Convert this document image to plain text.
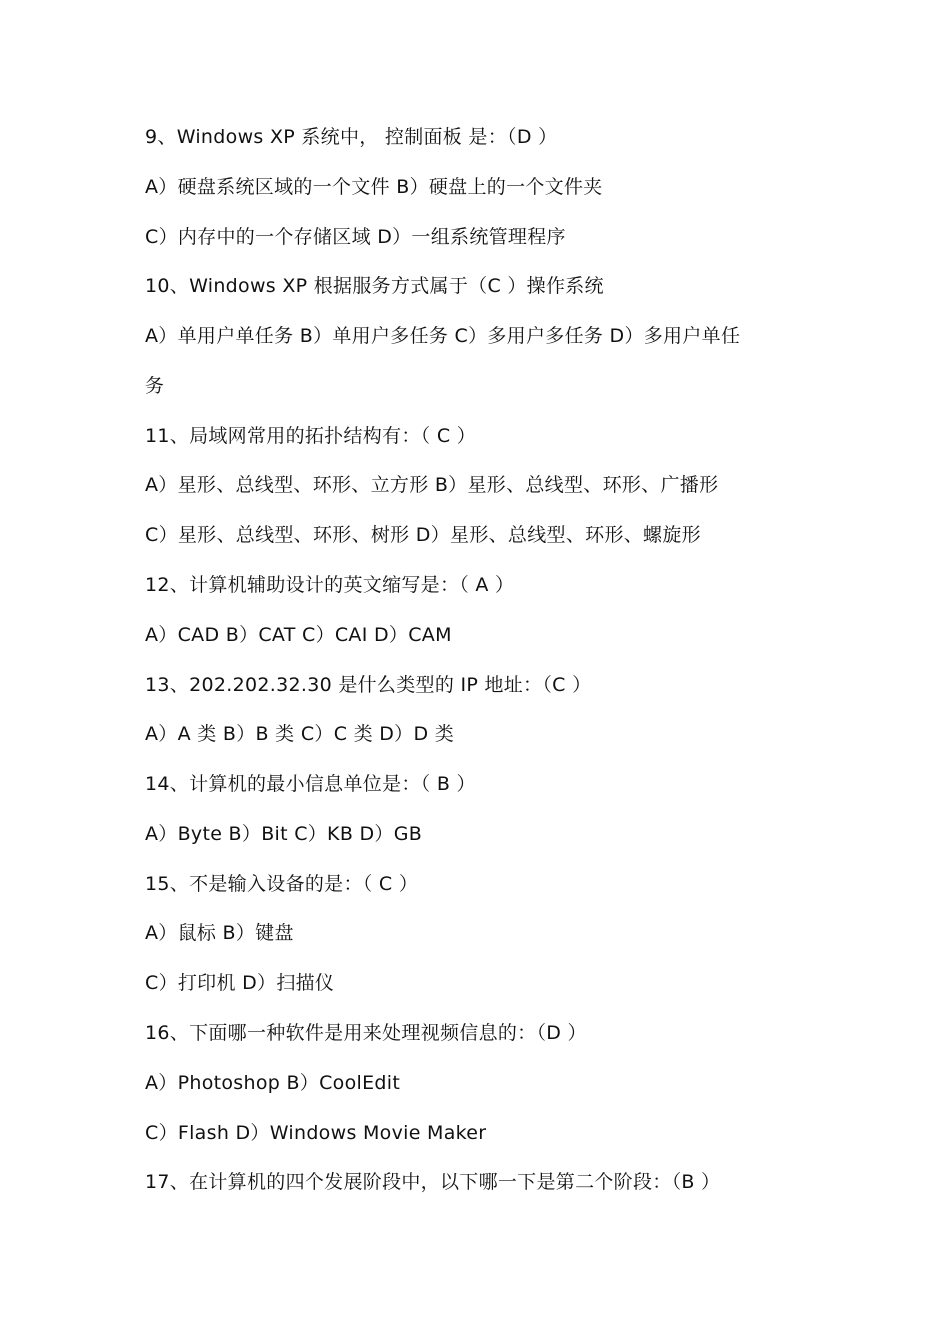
9、Windows XP 系统中， 控制面板 是：（D ）
A）硬盘系统区域的一个文件 B）硬盘上的一个文件夹
C）内存中的一个存储区域 D）一组系统管理程序
10、Windows XP 根据服务方式属于（C ）操作系统
A）单用户单任务 B）单用户多任务 C）多用户多任务 D）多用户单任
务
11、局域网常用的拓扑结构有：（ C ）
A）星形、总线型、环形、立方形 B）星形、总线型、环形、广播形
C）星形、总线型、环形、树形 D）星形、总线型、环形、螺旋形
12、计算机辅助设计的英文缩写是：（ A ）
A）CAD B）CAT C）CAI D）CAM
13、202.202.32.30 是什么类型的 IP 地址：（C ）
A）A 类 B）B 类 C）C 类 D）D 类
14、计算机的最小信息单位是：（ B ）
A）Byte B）Bit C）KB D）GB
15、不是输入设备的是：（ C ）
A）鼠标 B）键盘
C）打印机 D）扫描仪
16、下面哪一种软件是用来处理视频信息的：（D ）
A）Photoshop B）CoolEdit
C）Flash D）Windows Movie Maker
17、在计算机的四个发展阶段中，以下哪一下是第二个阶段：（B ）
